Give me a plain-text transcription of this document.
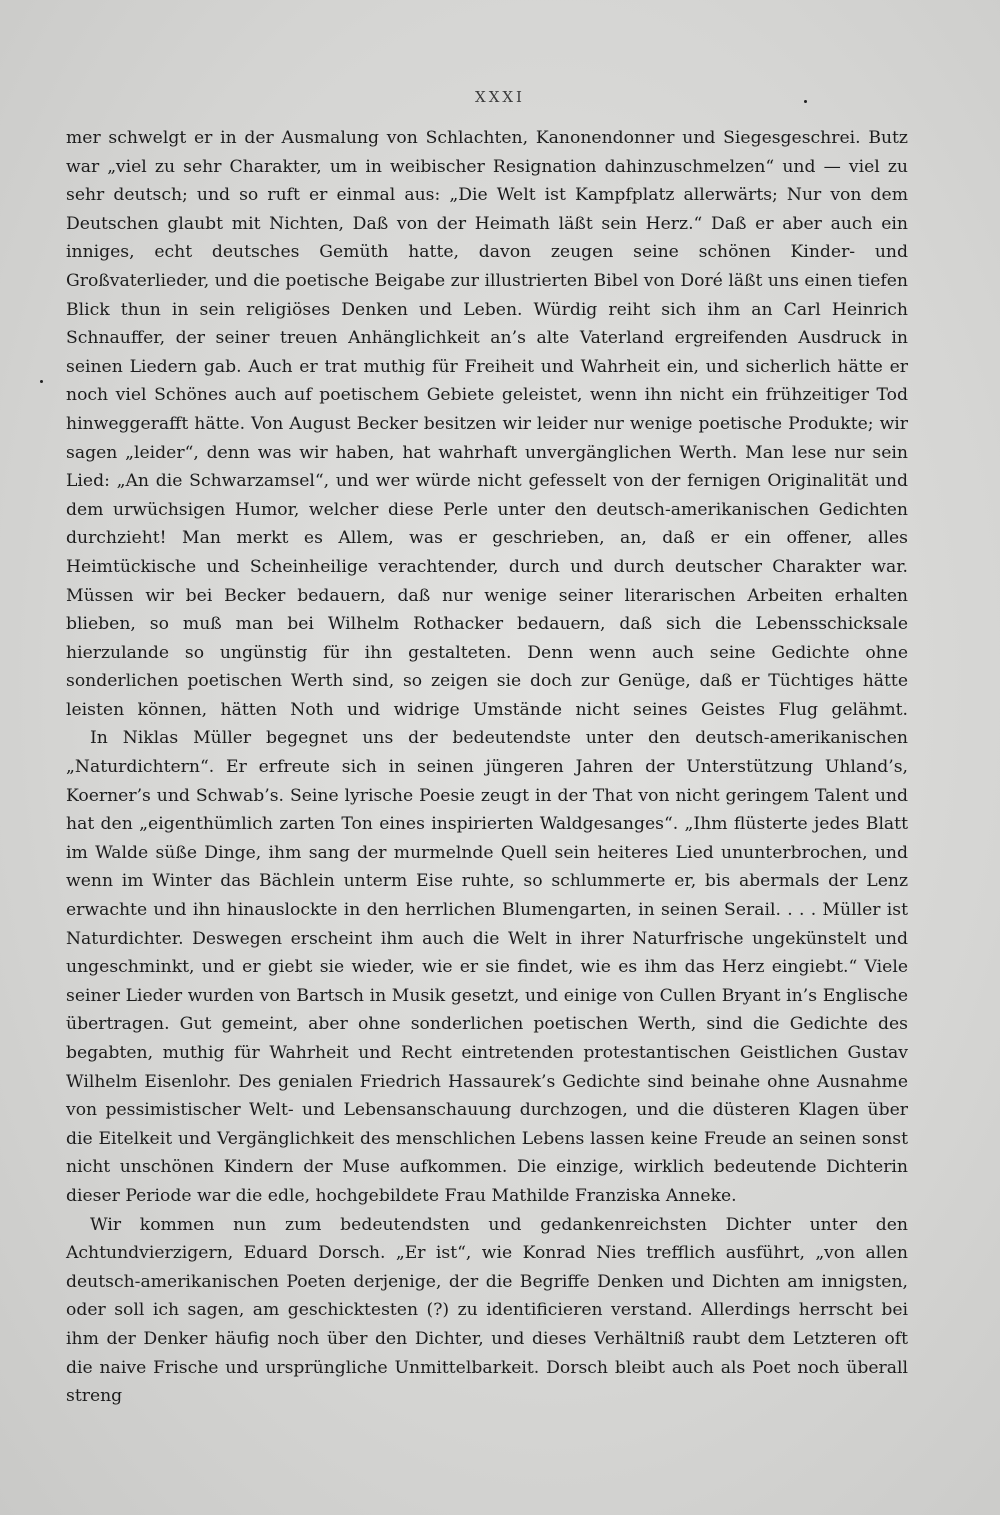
XXXI

mer schwelgt er in der Ausmalung von Schlachten, Kanonendonner und Siegesgeschrei. Butz war „viel zu sehr Charakter, um in weibischer Resignation dahinzuschmelzen“ und — viel zu sehr deutsch; und so ruft er einmal aus: „Die Welt ist Kampfplatz allerwärts; Nur von dem Deutschen glaubt mit Nichten, Daß von der Heimath läßt sein Herz.“ Daß er aber auch ein inniges, echt deutsches Gemüth hatte, davon zeugen seine schönen Kinder- und Großvaterlieder, und die poetische Beigabe zur illustrierten Bibel von Doré läßt uns einen tiefen Blick thun in sein religiöses Denken und Leben. Würdig reiht sich ihm an Carl Heinrich Schnauffer, der seiner treuen Anhänglichkeit an’s alte Vaterland ergreifenden Ausdruck in seinen Liedern gab. Auch er trat muthig für Freiheit und Wahrheit ein, und sicherlich hätte er noch viel Schönes auch auf poetischem Gebiete geleistet, wenn ihn nicht ein frühzeitiger Tod hinweggerafft hätte. Von August Becker besitzen wir leider nur wenige poetische Produkte; wir sagen „leider“, denn was wir haben, hat wahrhaft unvergänglichen Werth. Man lese nur sein Lied: „An die Schwarzamsel“, und wer würde nicht gefesselt von der fernigen Originalität und dem urwüchsigen Humor, welcher diese Perle unter den deutsch-amerikanischen Gedichten durchzieht! Man merkt es Allem, was er geschrieben, an, daß er ein offener, alles Heimtückische und Scheinheilige verachtender, durch und durch deutscher Charakter war. Müssen wir bei Becker bedauern, daß nur wenige seiner literarischen Arbeiten erhalten blieben, so muß man bei Wilhelm Rothacker bedauern, daß sich die Lebensschicksale hierzulande so ungünstig für ihn gestalteten. Denn wenn auch seine Gedichte ohne sonderlichen poetischen Werth sind, so zeigen sie doch zur Genüge, daß er Tüchtiges hätte leisten können, hätten Noth und widrige Umstände nicht seines Geistes Flug gelähmt.

In Niklas Müller begegnet uns der bedeutendste unter den deutsch-amerikanischen „Naturdichtern“. Er erfreute sich in seinen jüngeren Jahren der Unterstützung Uhland’s, Koerner’s und Schwab’s. Seine lyrische Poesie zeugt in der That von nicht geringem Talent und hat den „eigenthümlich zarten Ton eines inspirierten Waldgesanges“. „Ihm flüsterte jedes Blatt im Walde süße Dinge, ihm sang der murmelnde Quell sein heiteres Lied ununterbrochen, und wenn im Winter das Bächlein unterm Eise ruhte, so schlummerte er, bis abermals der Lenz erwachte und ihn hinauslockte in den herrlichen Blumengarten, in seinen Serail. . . . Müller ist Naturdichter. Deswegen erscheint ihm auch die Welt in ihrer Naturfrische ungekünstelt und ungeschminkt, und er giebt sie wieder, wie er sie findet, wie es ihm das Herz eingiebt.“ Viele seiner Lieder wurden von Bartsch in Musik gesetzt, und einige von Cullen Bryant in’s Englische übertragen. Gut gemeint, aber ohne sonderlichen poetischen Werth, sind die Gedichte des begabten, muthig für Wahrheit und Recht eintretenden protestantischen Geistlichen Gustav Wilhelm Eisenlohr. Des genialen Friedrich Hassaurek’s Gedichte sind beinahe ohne Ausnahme von pessimistischer Welt- und Lebensanschauung durchzogen, und die düsteren Klagen über die Eitelkeit und Vergänglichkeit des menschlichen Lebens lassen keine Freude an seinen sonst nicht unschönen Kindern der Muse aufkommen. Die einzige, wirklich bedeutende Dichterin dieser Periode war die edle, hochgebildete Frau Mathilde Franziska Anneke.

Wir kommen nun zum bedeutendsten und gedankenreichsten Dichter unter den Achtundvierzigern, Eduard Dorsch. „Er ist“, wie Konrad Nies trefflich ausführt, „von allen deutsch-amerikanischen Poeten derjenige, der die Begriffe Denken und Dichten am innigsten, oder soll ich sagen, am geschicktesten (?) zu identificieren verstand. Allerdings herrscht bei ihm der Denker häufig noch über den Dichter, und dieses Verhältniß raubt dem Letzteren oft die naive Frische und ursprüngliche Unmittelbarkeit. Dorsch bleibt auch als Poet noch überall streng
